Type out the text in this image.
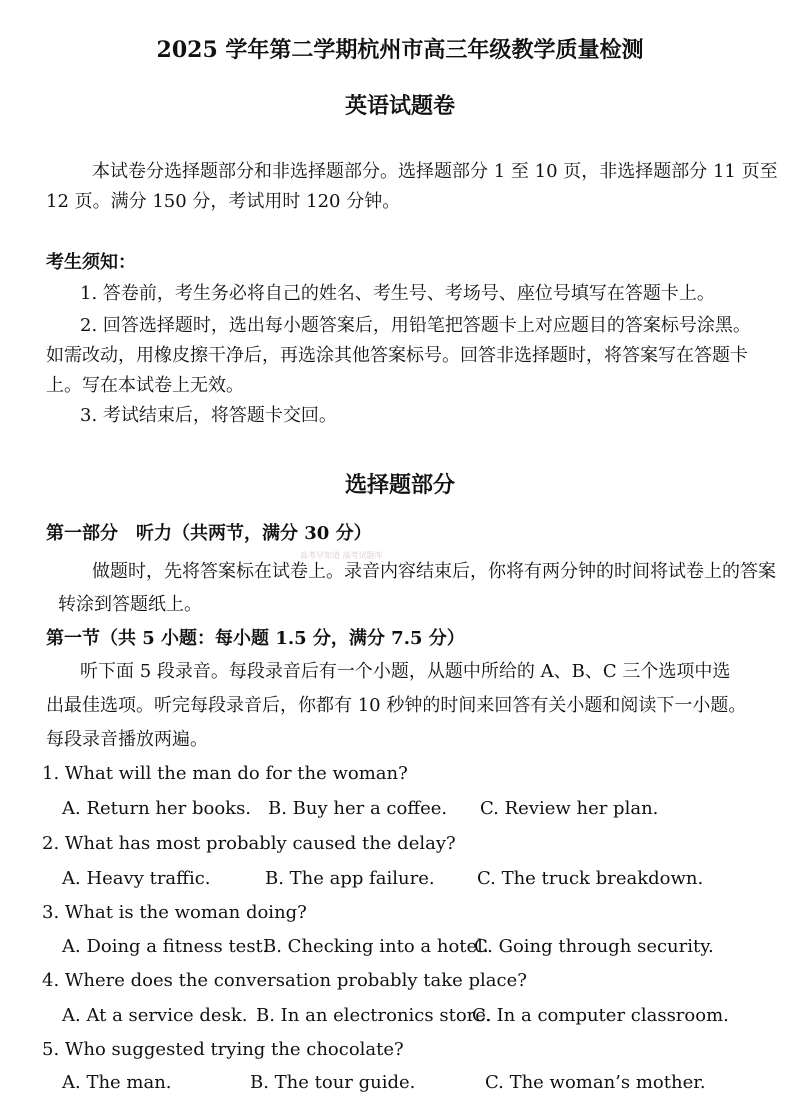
2025 学年第二学期杭州市高三年级教学质量检测
英语试题卷
本试卷分选择题部分和非选择题部分。选择题部分 1 至 10 页，非选择题部分 11 页至
12 页。满分 150 分，考试用时 120 分钟。
考生须知：
1. 答卷前，考生务必将自己的姓名、考生号、考场号、座位号填写在答题卡上。
2. 回答选择题时，选出每小题答案后，用铅笔把答题卡上对应题目的答案标号涂黑。
如需改动，用橡皮擦干净后，再选涂其他答案标号。回答非选择题时，将答案写在答题卡
上。写在本试卷上无效。
3. 考试结束后，将答题卡交回。
选择题部分
第一部分　听力（共两节，满分 30 分）
高考早知道 高考试题库
做题时，先将答案标在试卷上。录音内容结束后，你将有两分钟的时间将试卷上的答案
转涂到答题纸上。
第一节（共 5 小题：每小题 1.5 分，满分 7.5 分）
听下面 5 段录音。每段录音后有一个小题，从题中所给的 A、B、C 三个选项中选
出最佳选项。听完每段录音后，你都有 10 秒钟的时间来回答有关小题和阅读下一小题。
每段录音播放两遍。
1. What will the man do for the woman?
A. Return her books. B. Buy her a coffee. C. Review her plan.
2. What has most probably caused the delay?
A. Heavy traffic.	B. The app failure. C. The truck breakdown.
3. What is the woman doing?
A. Doing a fitness test.
B. Checking into a hotel.
C. Going through security.
4. Where does the conversation probably take place?
A. At a service desk. B. In an electronics store.
C. In a computer classroom.
5. Who suggested trying the chocolate?
A. The man.	B. The tour guide.	C. The woman’s mother.
